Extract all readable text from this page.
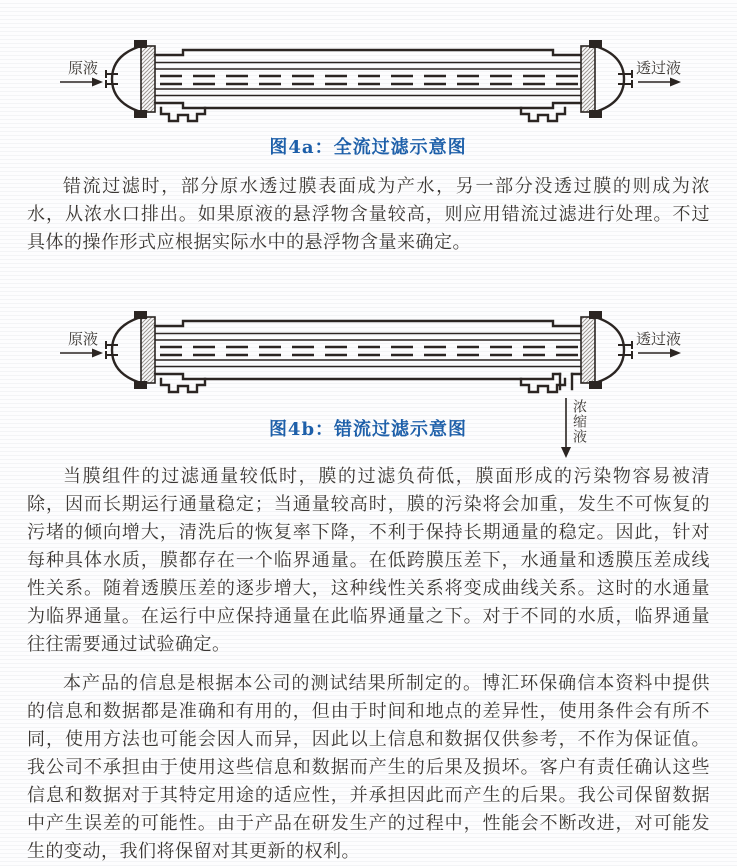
原液	透过液
图4a：全流过滤示意图

错流过滤时，部分原水透过膜表面成为产水，另一部分没透过膜的则成为浓水，从浓水口排出。如果原液的悬浮物含量较高，则应用错流过滤进行处理。不过具体的操作形式应根据实际水中的悬浮物含量来确定。

原液	透过液
浓缩液
图4b：错流过滤示意图

当膜组件的过滤通量较低时，膜的过滤负荷低，膜面形成的污染物容易被清除，因而长期运行通量稳定；当通量较高时，膜的污染将会加重，发生不可恢复的污堵的倾向增大，清洗后的恢复率下降，不利于保持长期通量的稳定。因此，针对每种具体水质，膜都存在一个临界通量。在低跨膜压差下，水通量和透膜压差成线性关系。随着透膜压差的逐步增大，这种线性关系将变成曲线关系。这时的水通量为临界通量。在运行中应保持通量在此临界通量之下。对于不同的水质，临界通量往往需要通过试验确定。

本产品的信息是根据本公司的测试结果所制定的。博汇环保确信本资料中提供的信息和数据都是准确和有用的，但由于时间和地点的差异性，使用条件会有所不同，使用方法也可能会因人而异，因此以上信息和数据仅供参考，不作为保证值。我公司不承担由于使用这些信息和数据而产生的后果及损坏。客户有责任确认这些信息和数据对于其特定用途的适应性，并承担因此而产生的后果。我公司保留数据中产生误差的可能性。由于产品在研发生产的过程中，性能会不断改进，对可能发生的变动，我们将保留对其更新的权利。
